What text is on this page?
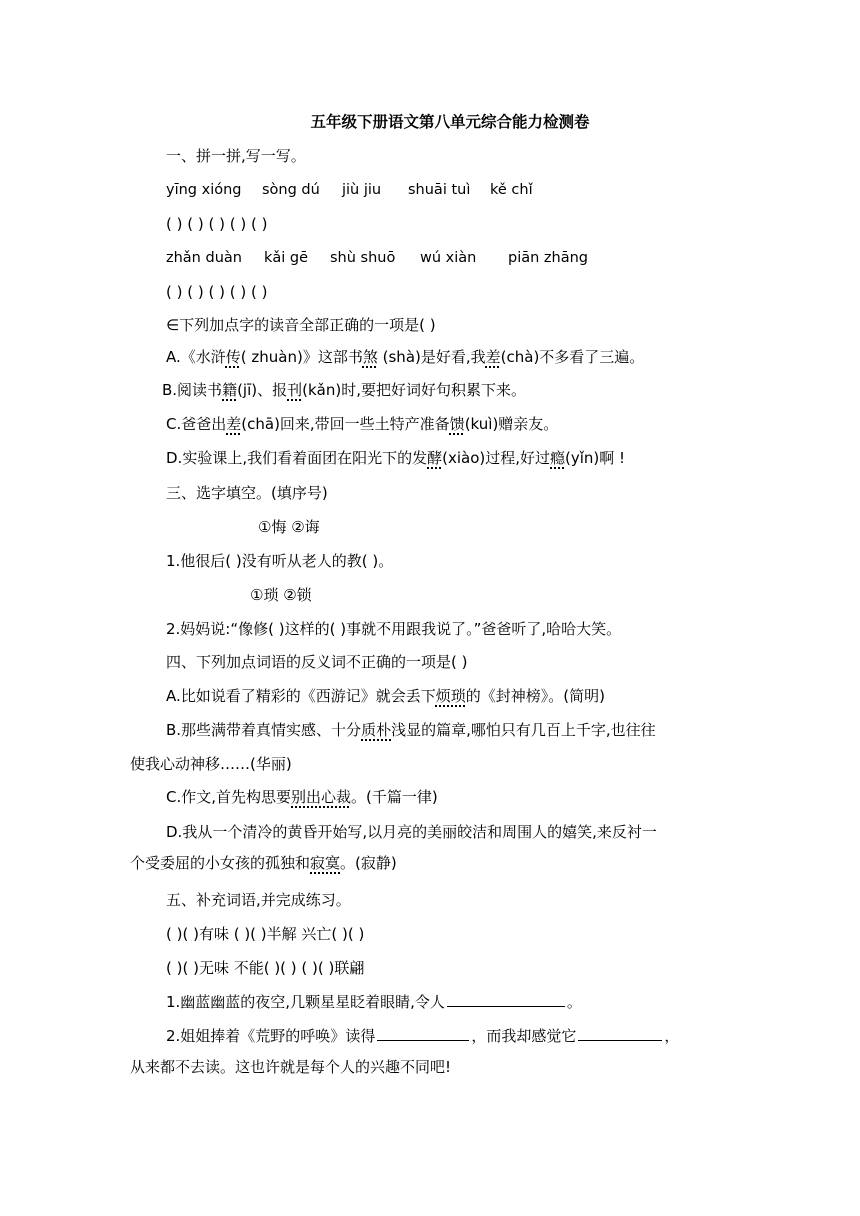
五年级下册语文第八单元综合能力检测卷
一、拼一拼,写一写。
yīng xióng sòng dú jiù jiu shuāi tuì kě chǐ
( ) ( ) ( ) ( ) ( )
zhǎn duàn kǎi gē shù shuō wú xiàn piān zhāng
( ) ( ) ( ) ( ) ( )
∈下列加点字的读音全部正确的一项是( )
A.《水浒传( zhuàn)》这部书煞 (shà)是好看,我差(chà)不多看了三遍。
B.阅读书籍(jī)、报刊(kǎn)时,要把好词好句积累下来。
C.爸爸出差(chā)回来,带回一些土特产准备馈(kuì)赠亲友。
D.实验课上,我们看着面团在阳光下的发酵(xiào)过程,好过瘾(yǐn)啊 !
三、选字填空。(填序号)
①悔 ②诲
1.他很后( )没有听从老人的教( )。
①琐 ②锁
2.妈妈说:“像修( )这样的( )事就不用跟我说了。”爸爸听了,哈哈大笑。
四、下列加点词语的反义词不正确的一项是( )
A.比如说看了精彩的《西游记》就会丢下烦琐的《封神榜》。(简明)
B.那些满带着真情实感、十分质朴浅显的篇章,哪怕只有几百上千字,也往往
使我心动神移……(华丽)
C.作文,首先构思要别出心裁。(千篇一律)
D.我从一个清冷的黄昏开始写,以月亮的美丽皎洁和周围人的嬉笑,来反衬一
个受委屈的小女孩的孤独和寂寞。(寂静)
五、补充词语,并完成练习。
( )( )有味 ( )( )半解 兴亡( )( )
( )( )无味 不能( )( ) ( )( )联翩
1.幽蓝幽蓝的夜空,几颗星星眨着眼睛,令人	。
2.姐姐捧着《荒野的呼唤》读得	，而我却感觉它	，
从来都不去读。这也许就是每个人的兴趣不同吧!
